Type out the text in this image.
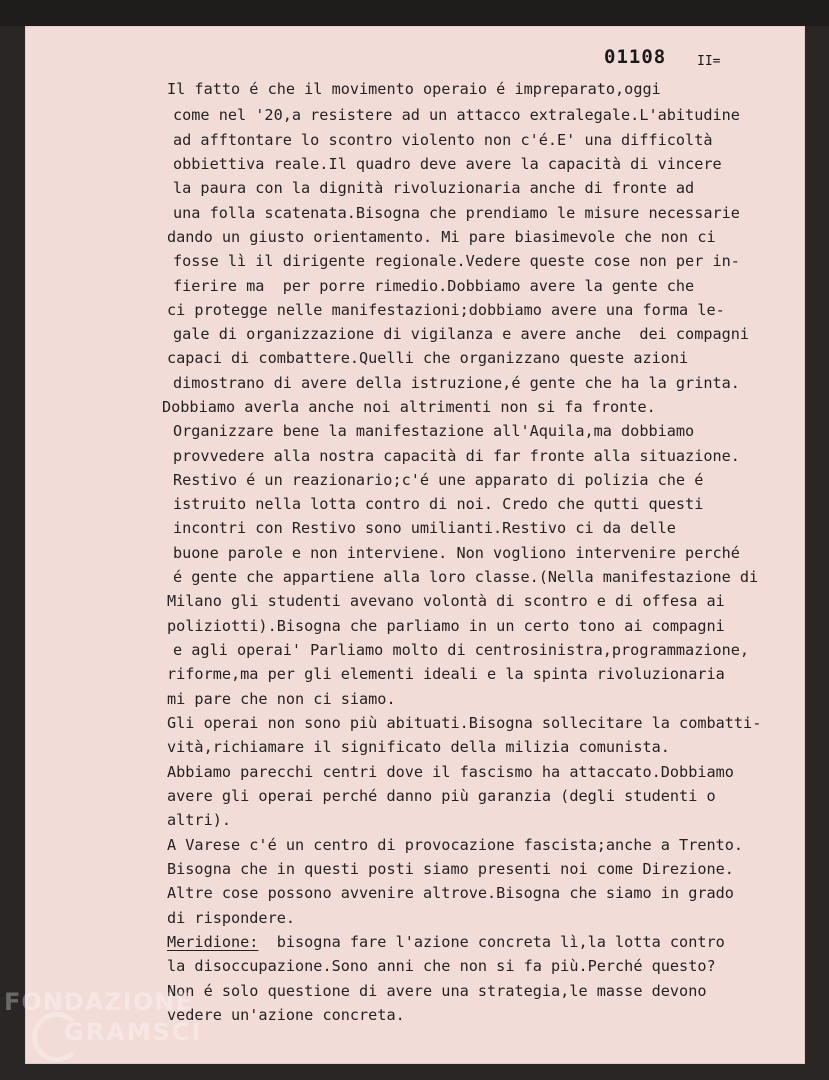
01108 II=
Il fatto é che il movimento operaio é impreparato,oggi
come nel '20,a resistere ad un attacco extralegale.L'abitudine
ad afftontare lo scontro violento non c'é.E' una difficoltà
obbiettiva reale.Il quadro deve avere la capacità di vincere
la paura con la dignità rivoluzionaria anche di fronte ad
una folla scatenata.Bisogna che prendiamo le misure necessarie
dando un giusto orientamento. Mi pare biasimevole che non ci
fosse lì il dirigente regionale.Vedere queste cose non per in-
fierire ma  per porre rimedio.Dobbiamo avere la gente che
ci protegge nelle manifestazioni;dobbiamo avere una forma le-
gale di organizzazione di vigilanza e avere anche  dei compagni
capaci di combattere.Quelli che organizzano queste azioni
dimostrano di avere della istruzione,é gente che ha la grinta.
Dobbiamo averla anche noi altrimenti non si fa fronte.
Organizzare bene la manifestazione all'Aquila,ma dobbiamo
provvedere alla nostra capacità di far fronte alla situazione.
Restivo é un reazionario;c'é une apparato di polizia che é
istruito nella lotta contro di noi. Credo che qutti questi
incontri con Restivo sono umilianti.Restivo ci da delle
buone parole e non interviene. Non vogliono intervenire perché
é gente che appartiene alla loro classe.(Nella manifestazione di
Milano gli studenti avevano volontà di scontro e di offesa ai
poliziotti).Bisogna che parliamo in un certo tono ai compagni
e agli operai' Parliamo molto di centrosinistra,programmazione,
riforme,ma per gli elementi ideali e la spinta rivoluzionaria
mi pare che non ci siamo.
Gli operai non sono più abituati.Bisogna sollecitare la combatti-
vità,richiamare il significato della milizia comunista.
Abbiamo parecchi centri dove il fascismo ha attaccato.Dobbiamo
avere gli operai perché danno più garanzia (degli studenti o
altri).
A Varese c'é un centro di provocazione fascista;anche a Trento.
Bisogna che in questi posti siamo presenti noi come Direzione.
Altre cose possono avvenire altrove.Bisogna che siamo in grado
di rispondere.
Meridione:  bisogna fare l'azione concreta lì,la lotta contro
la disoccupazione.Sono anni che non si fa più.Perché questo?
Non é solo questione di avere una strategia,le masse devono
vedere un'azione concreta.
FONDAZIONE
GRAMSCI
